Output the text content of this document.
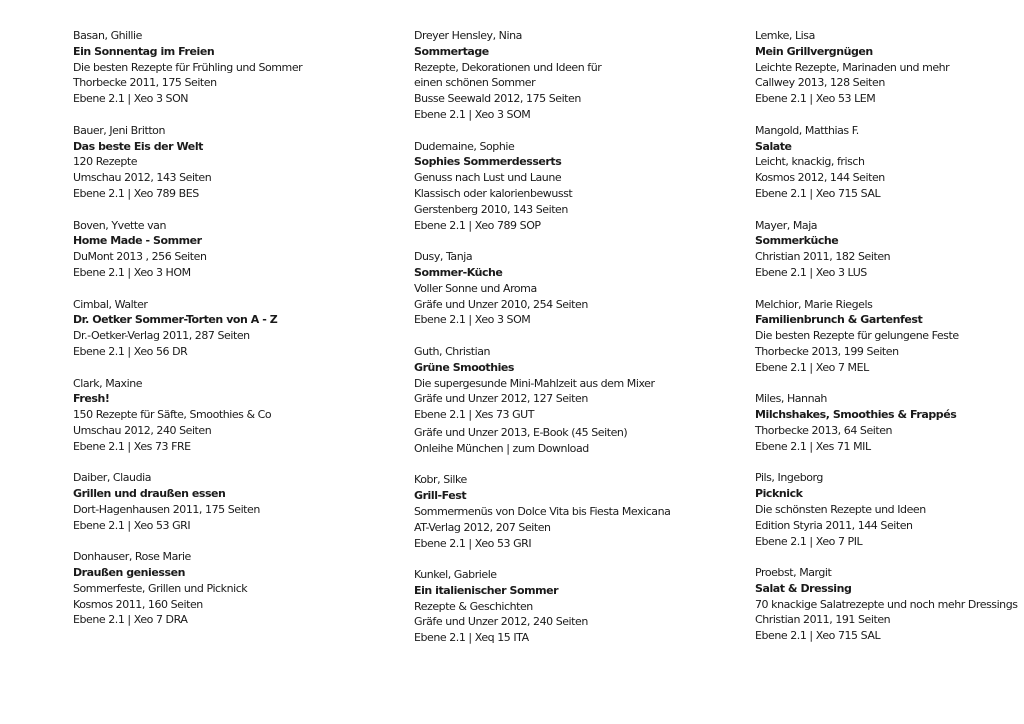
Basan, Ghillie
Ein Sonnentag im Freien
Die besten Rezepte für Frühling und Sommer
Thorbecke 2011, 175 Seiten
Ebene 2.1 | Xeo 3 SON
Bauer, Jeni Britton
Das beste Eis der Welt
120 Rezepte
Umschau 2012, 143 Seiten
Ebene 2.1 | Xeo 789 BES
Boven, Yvette van
Home Made - Sommer
DuMont 2013 , 256 Seiten
Ebene 2.1 | Xeo 3 HOM
Cimbal, Walter
Dr. Oetker Sommer-Torten von A - Z
Dr.-Oetker-Verlag 2011, 287 Seiten
Ebene 2.1 | Xeo 56 DR
Clark, Maxine
Fresh!
150 Rezepte für Säfte, Smoothies & Co
Umschau 2012, 240 Seiten
Ebene 2.1 | Xes 73 FRE
Daiber, Claudia
Grillen und draußen essen
Dort-Hagenhausen 2011, 175 Seiten
Ebene 2.1 | Xeo 53 GRI
Donhauser, Rose Marie
Draußen geniessen
Sommerfeste, Grillen und Picknick
Kosmos 2011, 160 Seiten
Ebene 2.1 | Xeo 7 DRA
Dreyer Hensley, Nina
Sommertage
Rezepte, Dekorationen und Ideen für
einen schönen Sommer
Busse Seewald 2012, 175 Seiten
Ebene 2.1 | Xeo 3 SOM
Dudemaine, Sophie
Sophies Sommerdesserts
Genuss nach Lust und Laune
Klassisch oder kalorienbewusst
Gerstenberg 2010, 143 Seiten
Ebene 2.1 | Xeo 789 SOP
Dusy, Tanja
Sommer-Küche
Voller Sonne und Aroma
Gräfe und Unzer 2010, 254 Seiten
Ebene 2.1 | Xeo 3 SOM
Guth, Christian
Grüne Smoothies
Die supergesunde Mini-Mahlzeit aus dem Mixer
Gräfe und Unzer 2012, 127 Seiten
Ebene 2.1 | Xes 73 GUT
Gräfe und Unzer 2013, E-Book (45 Seiten)
Onleihe München | zum Download
Kobr, Silke
Grill-Fest
Sommermenüs von Dolce Vita bis Fiesta Mexicana
AT-Verlag 2012, 207 Seiten
Ebene 2.1 | Xeo 53 GRI
Kunkel, Gabriele
Ein italienischer Sommer
Rezepte & Geschichten
Gräfe und Unzer 2012, 240 Seiten
Ebene 2.1 | Xeq 15 ITA
Lemke, Lisa
Mein Grillvergnügen
Leichte Rezepte, Marinaden und mehr
Callwey 2013, 128 Seiten
Ebene 2.1 | Xeo 53 LEM
Mangold, Matthias F.
Salate
Leicht, knackig, frisch
Kosmos 2012, 144 Seiten
Ebene 2.1 | Xeo 715 SAL
Mayer, Maja
Sommerküche
Christian 2011, 182 Seiten
Ebene 2.1 | Xeo 3 LUS
Melchior, Marie Riegels
Familienbrunch & Gartenfest
Die besten Rezepte für gelungene Feste
Thorbecke 2013, 199 Seiten
Ebene 2.1 | Xeo 7 MEL
Miles, Hannah
Milchshakes, Smoothies & Frappés
Thorbecke 2013, 64 Seiten
Ebene 2.1 | Xes 71 MIL
Pils, Ingeborg
Picknick
Die schönsten Rezepte und Ideen
Edition Styria 2011, 144 Seiten
Ebene 2.1 | Xeo 7 PIL
Proebst, Margit
Salat & Dressing
70 knackige Salatrezepte und noch mehr Dressings
Christian 2011, 191 Seiten
Ebene 2.1 | Xeo 715 SAL
